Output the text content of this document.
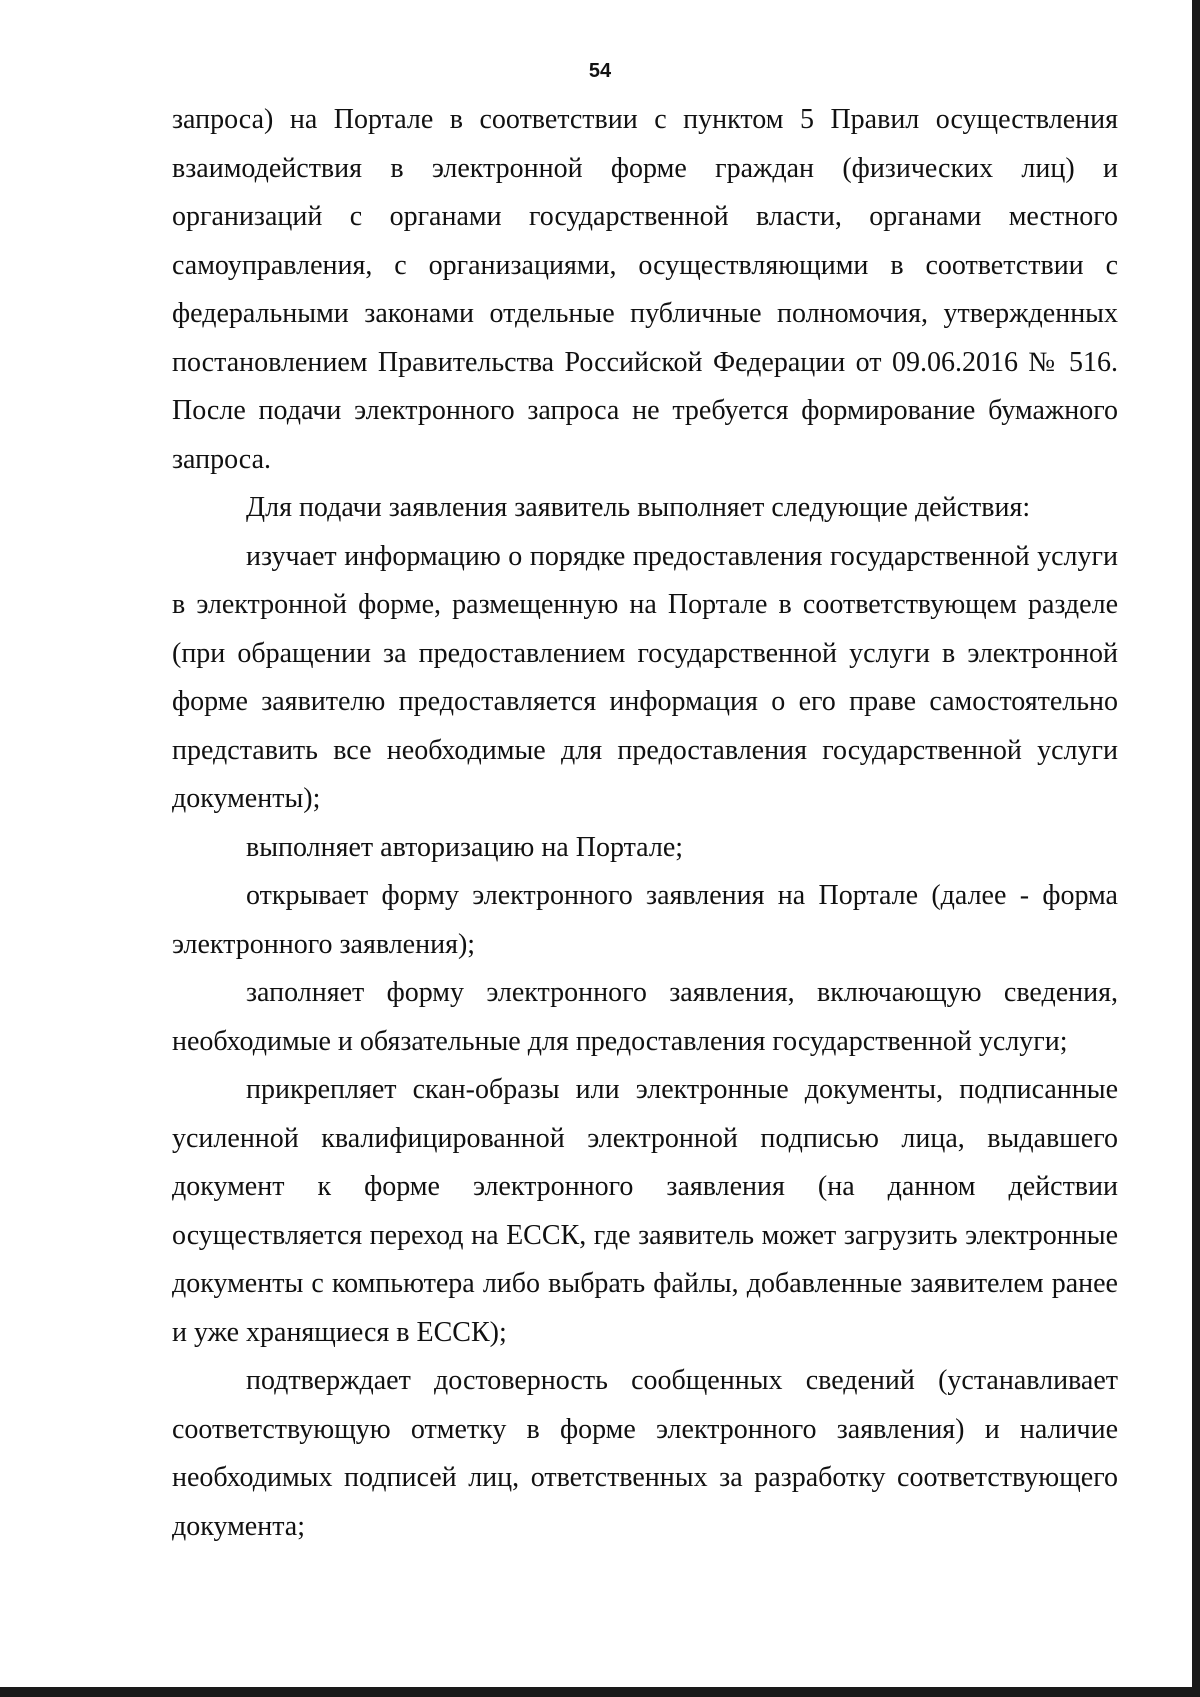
54

запроса) на Портале в соответствии с пунктом 5 Правил осуществления взаимодействия в электронной форме граждан (физических лиц) и организаций с органами государственной власти, органами местного самоуправления, с организациями, осуществляющими в соответствии с федеральными законами отдельные публичные полномочия, утвержденных постановлением Правительства Российской Федерации от 09.06.2016 № 516. После подачи электронного запроса не требуется формирование бумажного запроса.

Для подачи заявления заявитель выполняет следующие действия:

изучает информацию о порядке предоставления государственной услуги в электронной форме, размещенную на Портале в соответствующем разделе (при обращении за предоставлением государственной услуги в электронной форме заявителю предоставляется информация о его праве самостоятельно представить все необходимые для предоставления государственной услуги документы);

выполняет авторизацию на Портале;

открывает форму электронного заявления на Портале (далее - форма электронного заявления);

заполняет форму электронного заявления, включающую сведения, необходимые и обязательные для предоставления государственной услуги;

прикрепляет скан-образы или электронные документы, подписанные усиленной квалифицированной электронной подписью лица, выдавшего документ к форме электронного заявления (на данном действии осуществляется переход на ЕССК, где заявитель может загрузить электронные документы с компьютера либо выбрать файлы, добавленные заявителем ранее и уже хранящиеся в ЕССК);

подтверждает достоверность сообщенных сведений (устанавливает соответствующую отметку в форме электронного заявления) и наличие необходимых подписей лиц, ответственных за разработку соответствующего документа;
